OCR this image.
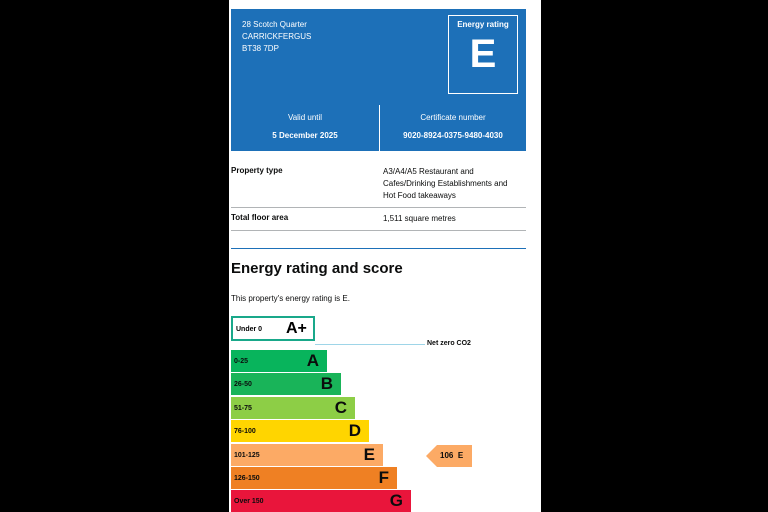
28 Scotch Quarter
CARRICKFERGUS
BT38 7DP
Energy rating
E
Valid until
5 December 2025
Certificate number
9020-8924-0375-9480-4030
Property type	A3/A4/A5 Restaurant and
Cafes/Drinking Establishments and
Hot Food takeaways
Total floor area	1,511 square metres
Energy rating and score
This property's energy rating is E.
Under 0 A+
Net zero CO2
0-25	A
26-50	B
51-75	C
76-100	D
101-125	E
126-150	F
Over 150	G
106 E
